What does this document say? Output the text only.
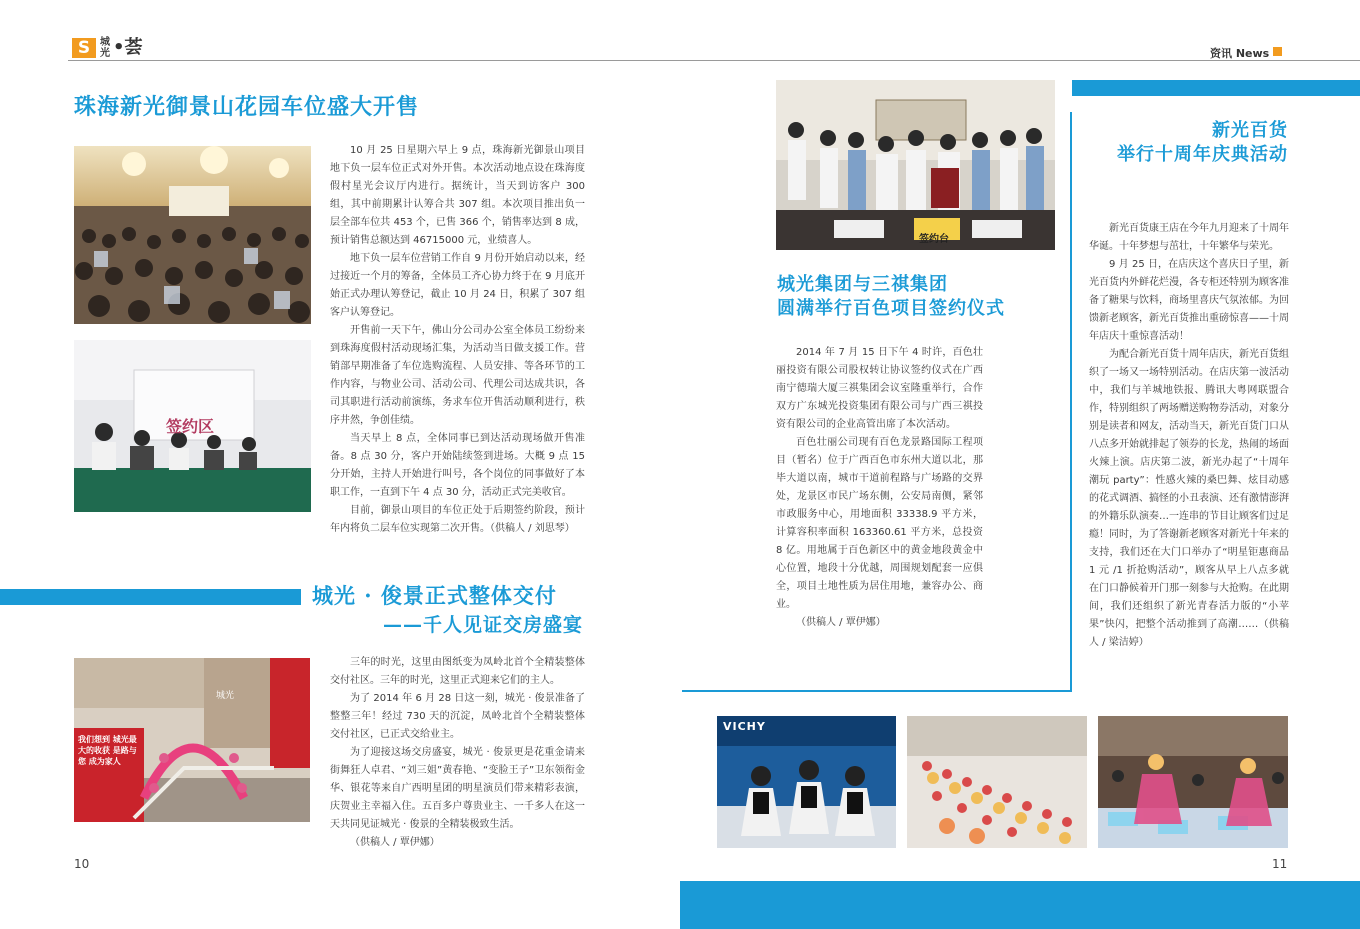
S 城
光 •荟	资讯 News
珠海新光御景山花园车位盛大开售
签约区

10 月 25 日星期六早上 9 点，珠海新光御景山项目地下负一层车位正式对外开售。本次活动地点设在珠海度假村星光会议厅内进行。据统计，当天到访客户 300 组，其中前期累计认筹合共 307 组。本次项目推出负一层全部车位共 453 个，已售 366 个，销售率达到 8 成，预计销售总额达到 46715000 元，业绩喜人。

地下负一层车位营销工作自 9 月份开始启动以来，经过接近一个月的筹备，全体员工齐心协力终于在 9 月底开始正式办理认筹登记，截止 10 月 24 日，积累了 307 组客户认筹登记。

开售前一天下午，佛山分公司办公室全体员工纷纷来到珠海度假村活动现场汇集，为活动当日做支援工作。营销部早期准备了车位选购流程、人员安排、等各环节的工作内容，与物业公司、活动公司、代理公司达成共识，各司其职进行活动前演练，务求车位开售活动顺利进行，秩序井然，争创佳绩。

当天早上 8 点，全体同事已到达活动现场做开售准备。8 点 30 分，客户开始陆续签到进场。大概 9 点 15 分开始，主持人开始进行叫号，各个岗位的同事做好了本职工作，一直到下午 4 点 30 分，活动正式完美收官。

目前，御景山项目的车位正处于后期签约阶段，预计年内将负二层车位实现第二次开售。（供稿人 / 刘思琴）

城光 · 俊景正式整体交付
——千人见证交房盛宴
我们想到 城光最大的收获 是路与您 成为家人
城光

三年的时光，这里由图纸变为凤岭北首个全精装整体交付社区。三年的时光，这里正式迎来它们的主人。

为了 2014 年 6 月 28 日这一刻，城光 · 俊景准备了整整三年！经过 730 天的沉淀，凤岭北首个全精装整体交付社区，已正式交给业主。

为了迎接这场交房盛宴，城光 · 俊景更是花重金请来街舞狂人卓君、“刘三姐”黄春艳、“变脸王子”卫东领衔金华、银花等来自广西明星团的明星演员们带来精彩表演，庆贺业主幸福入住。五百多户尊贵业主、一千多人在这一天共同见证城光 · 俊景的全精装极致生活。

（供稿人 / 覃伊娜）

10
签约台
城光集团与三祺集团
圆满举行百色项目签约仪式

2014 年 7 月 15 日下午 4 时许，百色壮丽投资有限公司股权转让协议签约仪式在广西南宁德瑞大厦三祺集团会议室隆重举行，合作双方广东城光投资集团有限公司与广西三祺投资有限公司的企业高管出席了本次活动。

百色壮丽公司现有百色龙景路国际工程项目（暂名）位于广西百色市东州大道以北，那毕大道以南，城市干道前程路与广场路的交界处，龙景区市民广场东侧，公安局南侧，紧邻市政服务中心，用地面积 33338.9 平方米，计算容积率面积 163360.61 平方米，总投资 8 亿。用地属于百色新区中的黄金地段黄金中心位置，地段十分优越，周围规划配套一应俱全，项目土地性质为居住用地，兼容办公、商业。

（供稿人 / 覃伊娜）

新光百货
举行十周年庆典活动

新光百货康王店在今年九月迎来了十周年华诞。十年梦想与茁壮，十年繁华与荣光。

9 月 25 日，在店庆这个喜庆日子里，新光百货内外鲜花烂漫，各专柜还特别为顾客准备了糖果与饮料，商场里喜庆气氛浓郁。为回馈新老顾客，新光百货推出重磅惊喜——十周年店庆十重惊喜活动！

为配合新光百货十周年店庆，新光百货组织了一场又一场特别活动。在店庆第一波活动中，我们与羊城地铁报、腾讯大粤网联盟合作，特别组织了两场赠送购物券活动，对象分别是读者和网友，活动当天，新光百货门口从八点多开始就排起了领券的长龙，热闹的场面火辣上演。店庆第二波，新光办起了“十周年潮玩 party”：性感火辣的桑巴舞、炫目动感的花式调酒、搞怪的小丑表演、还有激情澎湃的外籍乐队演奏…一连串的节目让顾客们过足瘾！同时，为了答谢新老顾客对新光十年来的支持，我们还在大门口举办了“明星钜惠商品 1 元 /1 折抢购活动”，顾客从早上八点多就在门口静候着开门那一刻参与大抢购。在此期间，我们还组织了新光青春活力版的“小苹果”快闪，把整个活动推到了高潮……（供稿人 / 梁洁婷）

VICHY
11
